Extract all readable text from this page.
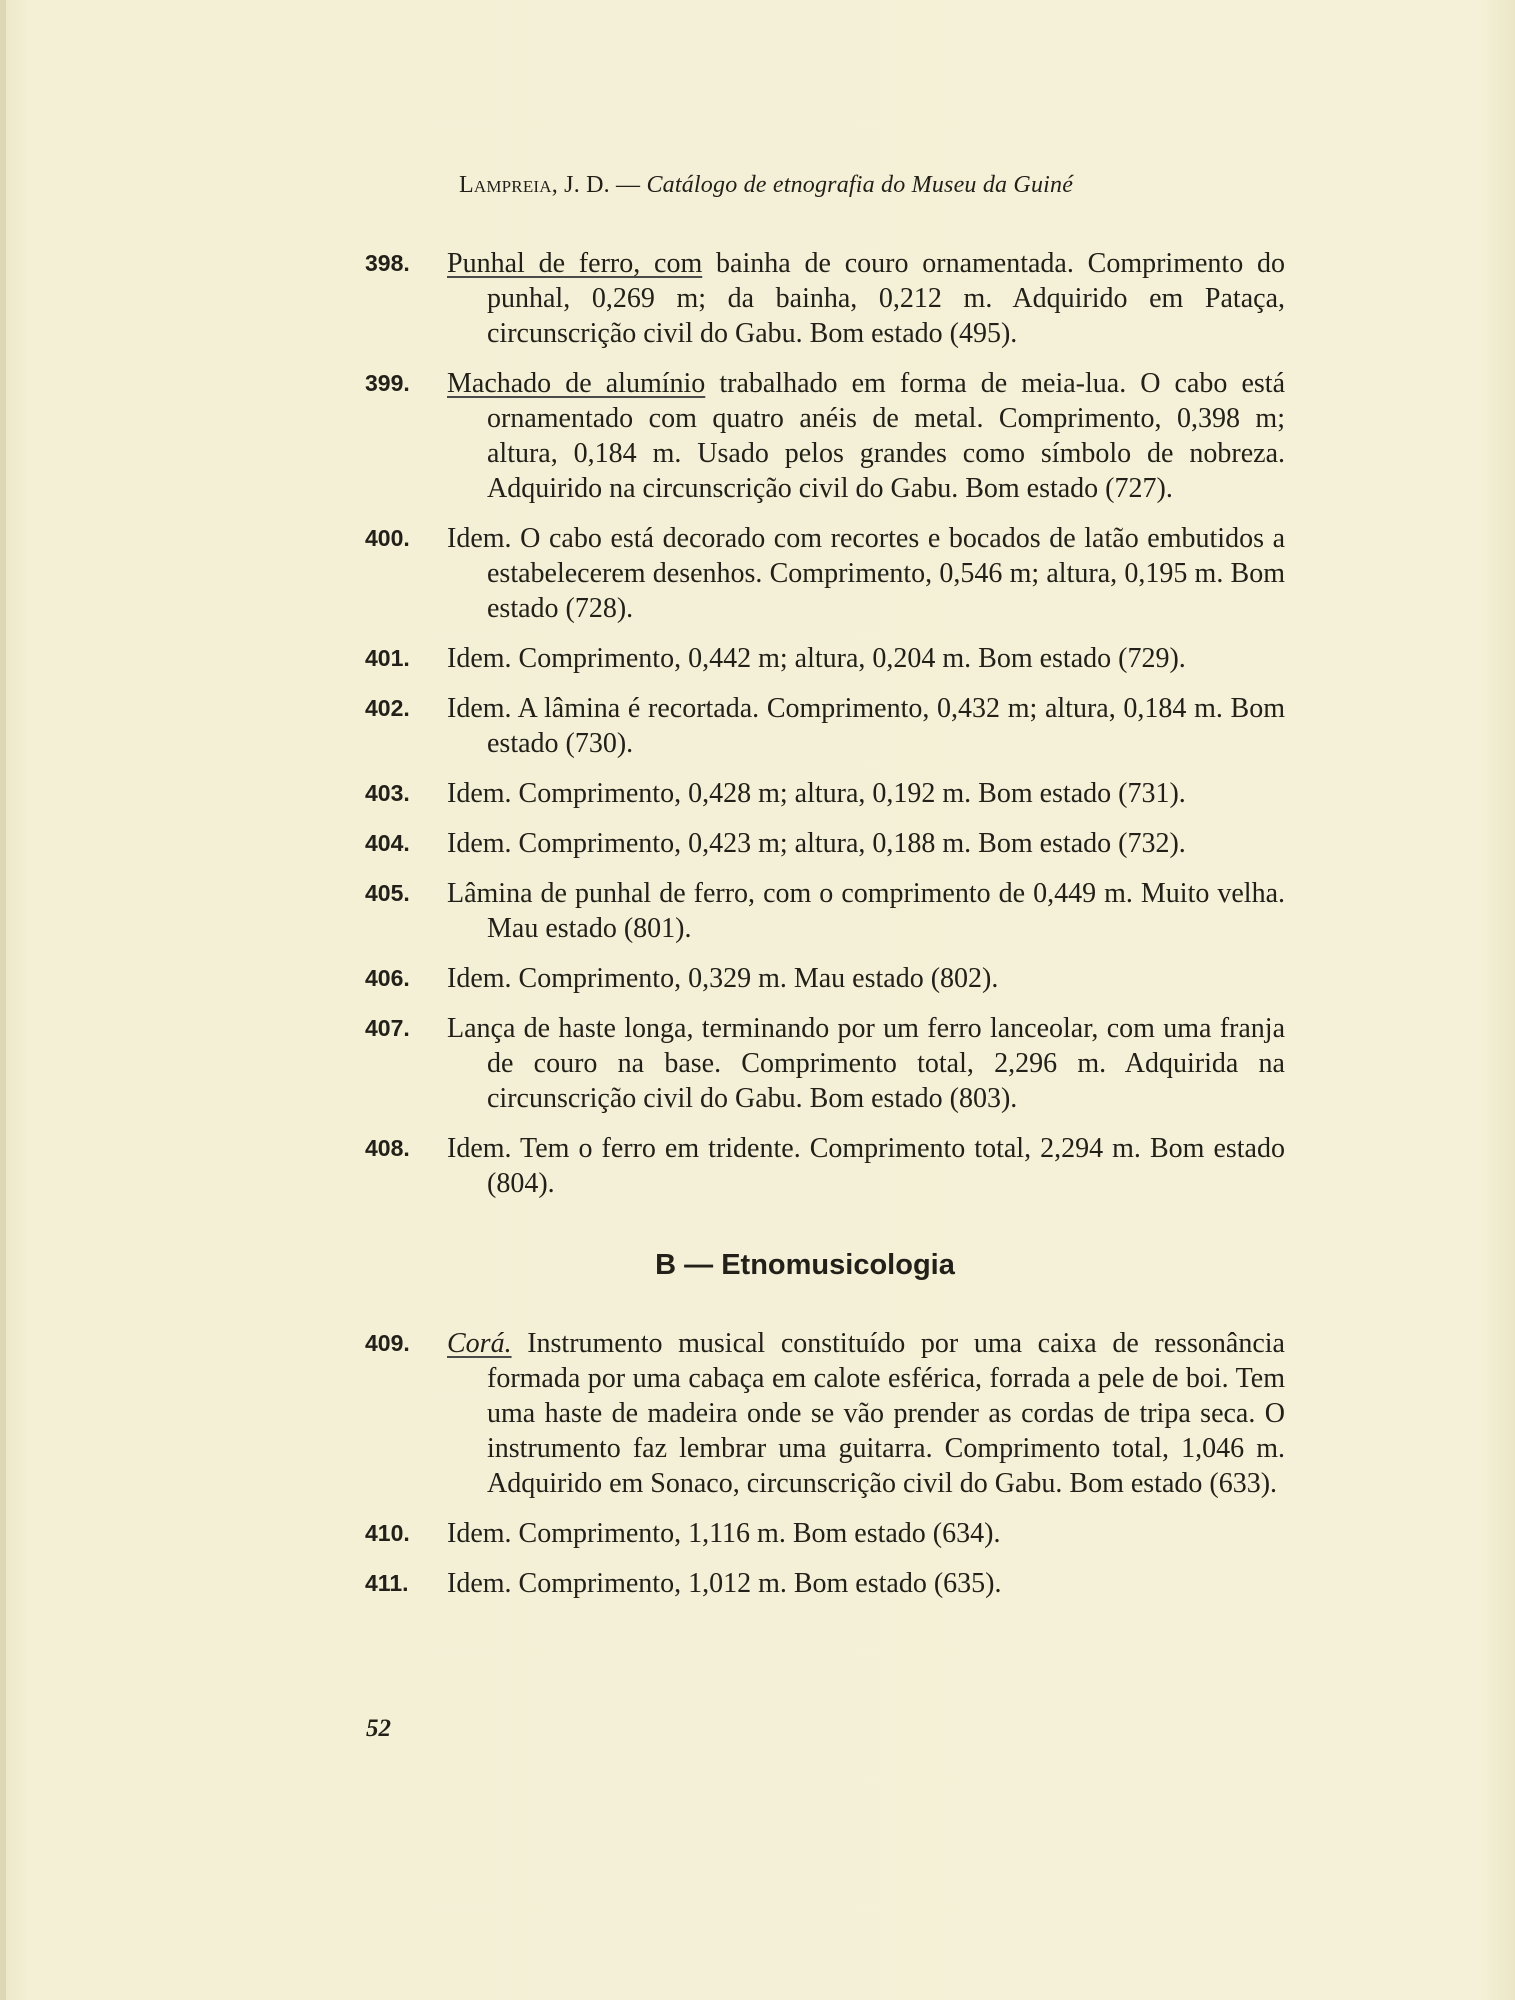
Lampreia, J. D. — Catálogo de etnografia do Museu da Guiné
398.	Punhal de ferro, com bainha de couro ornamentada. Comprimento do punhal, 0,269 m; da bainha, 0,212 m. Adquirido em Pataça, circunscrição civil do Gabu. Bom estado (495).
399.	Machado de alumínio trabalhado em forma de meia-lua. O cabo está ornamentado com quatro anéis de metal. Comprimento, 0,398 m; altura, 0,184 m. Usado pelos grandes como símbolo de nobreza. Adquirido na circunscrição civil do Gabu. Bom estado (727).
400.	Idem. O cabo está decorado com recortes e bocados de latão embutidos a estabelecerem desenhos. Comprimento, 0,546 m; altura, 0,195 m. Bom estado (728).
401.	Idem. Comprimento, 0,442 m; altura, 0,204 m. Bom estado (729).
402.	Idem. A lâmina é recortada. Comprimento, 0,432 m; altura, 0,184 m. Bom estado (730).
403.	Idem. Comprimento, 0,428 m; altura, 0,192 m. Bom estado (731).
404.	Idem. Comprimento, 0,423 m; altura, 0,188 m. Bom estado (732).
405.	Lâmina de punhal de ferro, com o comprimento de 0,449 m. Muito velha. Mau estado (801).
406.	Idem. Comprimento, 0,329 m. Mau estado (802).
407.	Lança de haste longa, terminando por um ferro lanceolar, com uma franja de couro na base. Comprimento total, 2,296 m. Adquirida na circunscrição civil do Gabu. Bom estado (803).
408.	Idem. Tem o ferro em tridente. Comprimento total, 2,294 m. Bom estado (804).
B — Etnomusicologia
409.	Corá. Instrumento musical constituído por uma caixa de ressonância formada por uma cabaça em calote esférica, forrada a pele de boi. Tem uma haste de madeira onde se vão prender as cordas de tripa seca. O instrumento faz lembrar uma guitarra. Comprimento total, 1,046 m. Adquirido em Sonaco, circunscrição civil do Gabu. Bom estado (633).
410.	Idem. Comprimento, 1,116 m. Bom estado (634).
411.	Idem. Comprimento, 1,012 m. Bom estado (635).
52
